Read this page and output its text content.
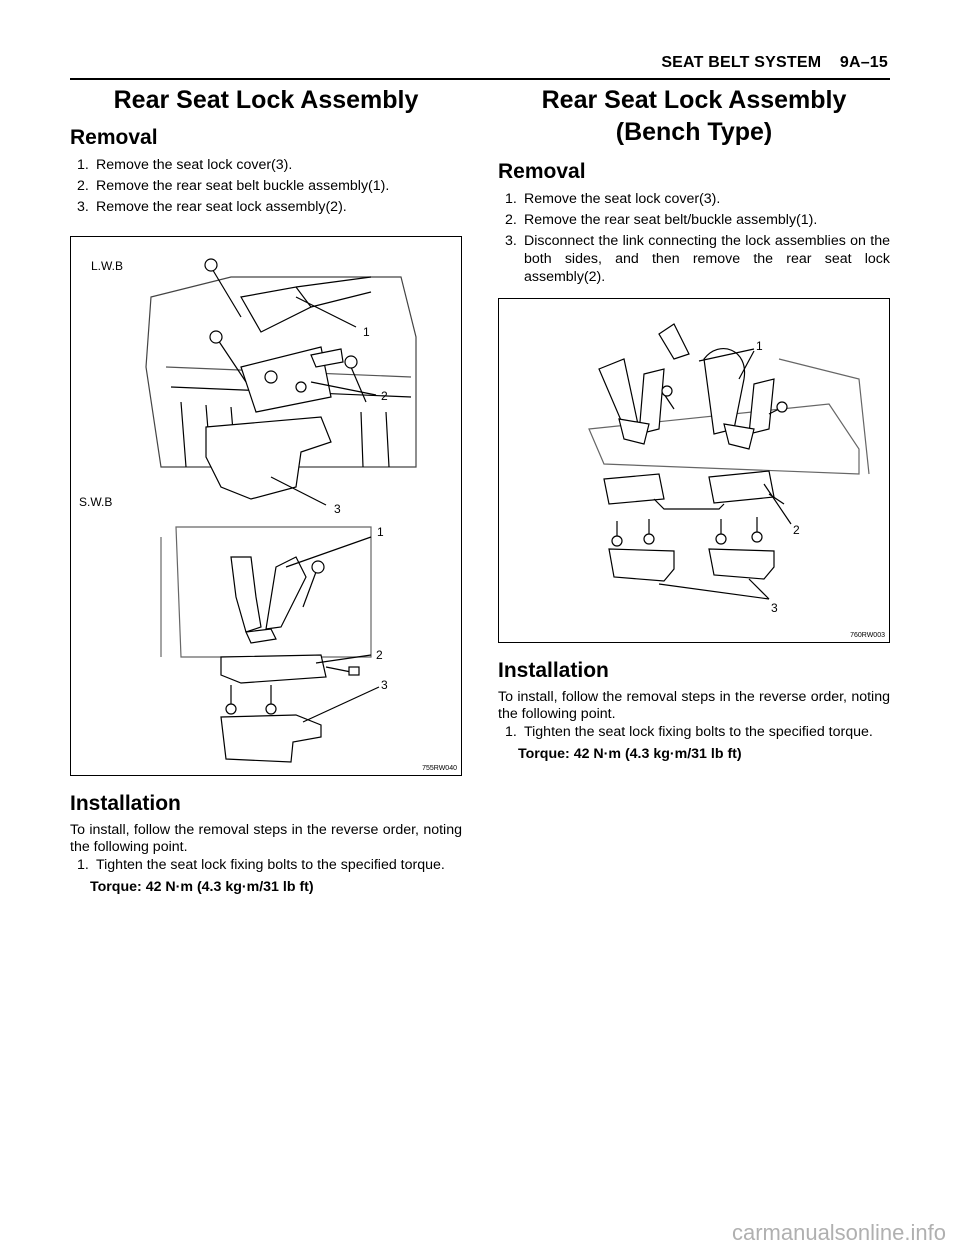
SEAT BELT SYSTEM    9A–15
Rear Seat Lock Assembly
Removal
1. Remove the seat lock cover(3).
2. Remove the rear seat belt buckle assembly(1).
3. Remove the rear seat lock assembly(2).
L.W.B
S.W.B
1
2
3
1
2
3
755RW040
Installation

To install, follow the removal steps in the reverse order, noting the following point.

1. Tighten the seat lock fixing bolts to the specified torque.

Torque: 42 N·m (4.3 kg·m/31 lb ft)

Rear Seat Lock Assembly
(Bench Type)
Removal
1. Remove the seat lock cover(3).
2. Remove the rear seat belt/buckle assembly(1).
3. Disconnect the link connecting the lock assemblies on the both sides, and then remove the rear seat lock assembly(2).
1
2
3
760RW003
Installation

To install, follow the removal steps in the reverse order, noting the following point.

1. Tighten the seat lock fixing bolts to the specified torque.

Torque: 42 N·m (4.3 kg·m/31 lb ft)

carmanualsonline.info
